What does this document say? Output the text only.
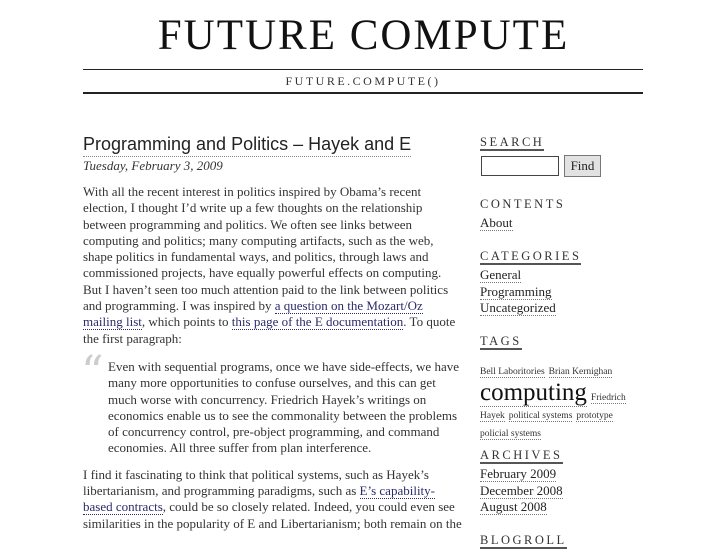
FUTURE COMPUTE
FUTURE.COMPUTE()
Programming and Politics – Hayek and E
Tuesday, February 3, 2009

With all the recent interest in politics inspired by Obama’s recent election, I thought I’d write up a few thoughts on the relationship between programming and politics. We often see links between computing and politics; many computing artifacts, such as the web, shape politics in fundamental ways, and politics, through laws and commissioned projects, have equally powerful effects on computing. But I haven’t seen too much attention paid to the link between politics and programming. I was inspired by a question on the Mozart/Oz mailing list, which points to this page of the E documentation. To quote the first paragraph:

“ Even with sequential programs, once we have side-effects, we have many more opportunities to confuse ourselves, and this can get much worse with concurrency. Friedrich Hayek’s writings on economics enable us to see the commonality between the problems of concurrency control, pre-object programming, and command economies. All three suffer from plan interference.

I find it fascinating to think that political systems, such as Hayek’s libertarianism, and programming paradigms, such as E’s capability-based contracts, could be so closely related. Indeed, you could even see similarities in the popularity of E and Libertarianism; both remain on the

SEARCH
Find
CONTENTS
About
CATEGORIES
General
Programming
Uncategorized
TAGS
Bell Laboritories Brian Kernighan
computing Friedrich Hayek political systems prototype policial systems
ARCHIVES
February 2009
December 2008
August 2008
BLOGROLL
